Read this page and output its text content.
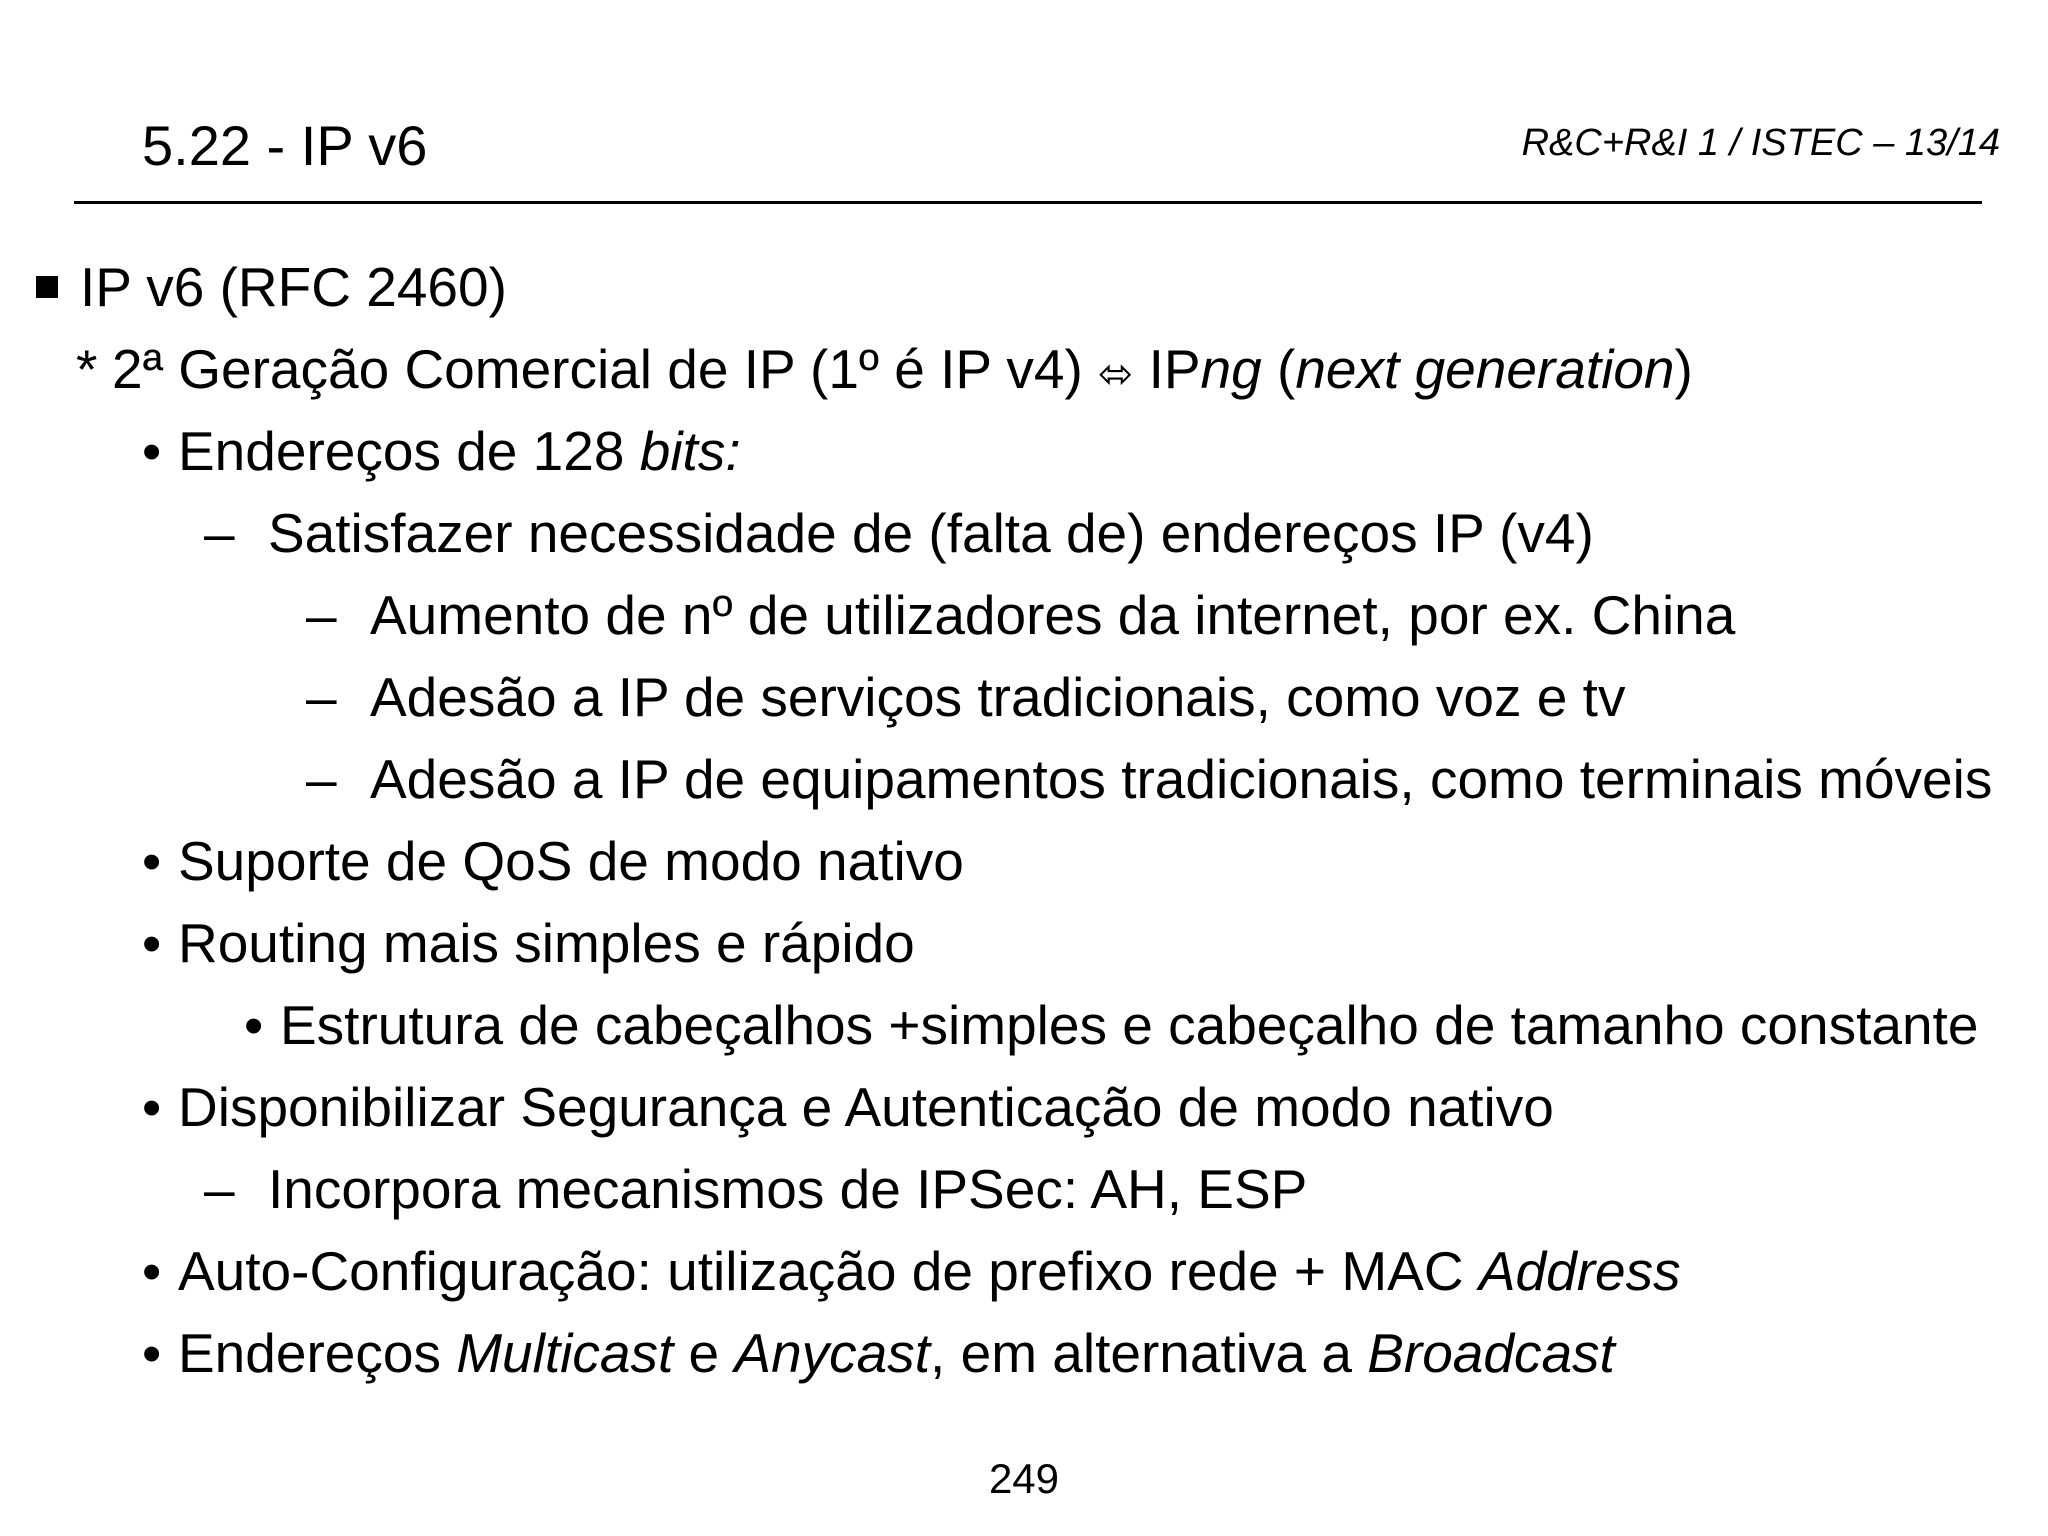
5.22 - IP v6	R&C+R&I 1 / ISTEC – 13/14
IP v6 (RFC 2460)
* 2ª Geração Comercial de IP (1º é IP v4) ⬄ IPng (next generation)
• Endereços de 128 bits:
– Satisfazer necessidade de (falta de) endereços IP (v4)
– Aumento de nº de utilizadores da internet, por ex. China
– Adesão a IP de serviços tradicionais, como voz e tv
– Adesão a IP de equipamentos tradicionais, como terminais móveis
• Suporte de QoS de modo nativo
• Routing mais simples e rápido
• Estrutura de cabeçalhos +simples e cabeçalho de tamanho constante
• Disponibilizar Segurança e Autenticação de modo nativo
– Incorpora mecanismos de IPSec: AH, ESP
• Auto-Configuração: utilização de prefixo rede + MAC Address
• Endereços Multicast e Anycast, em alternativa a Broadcast
249
